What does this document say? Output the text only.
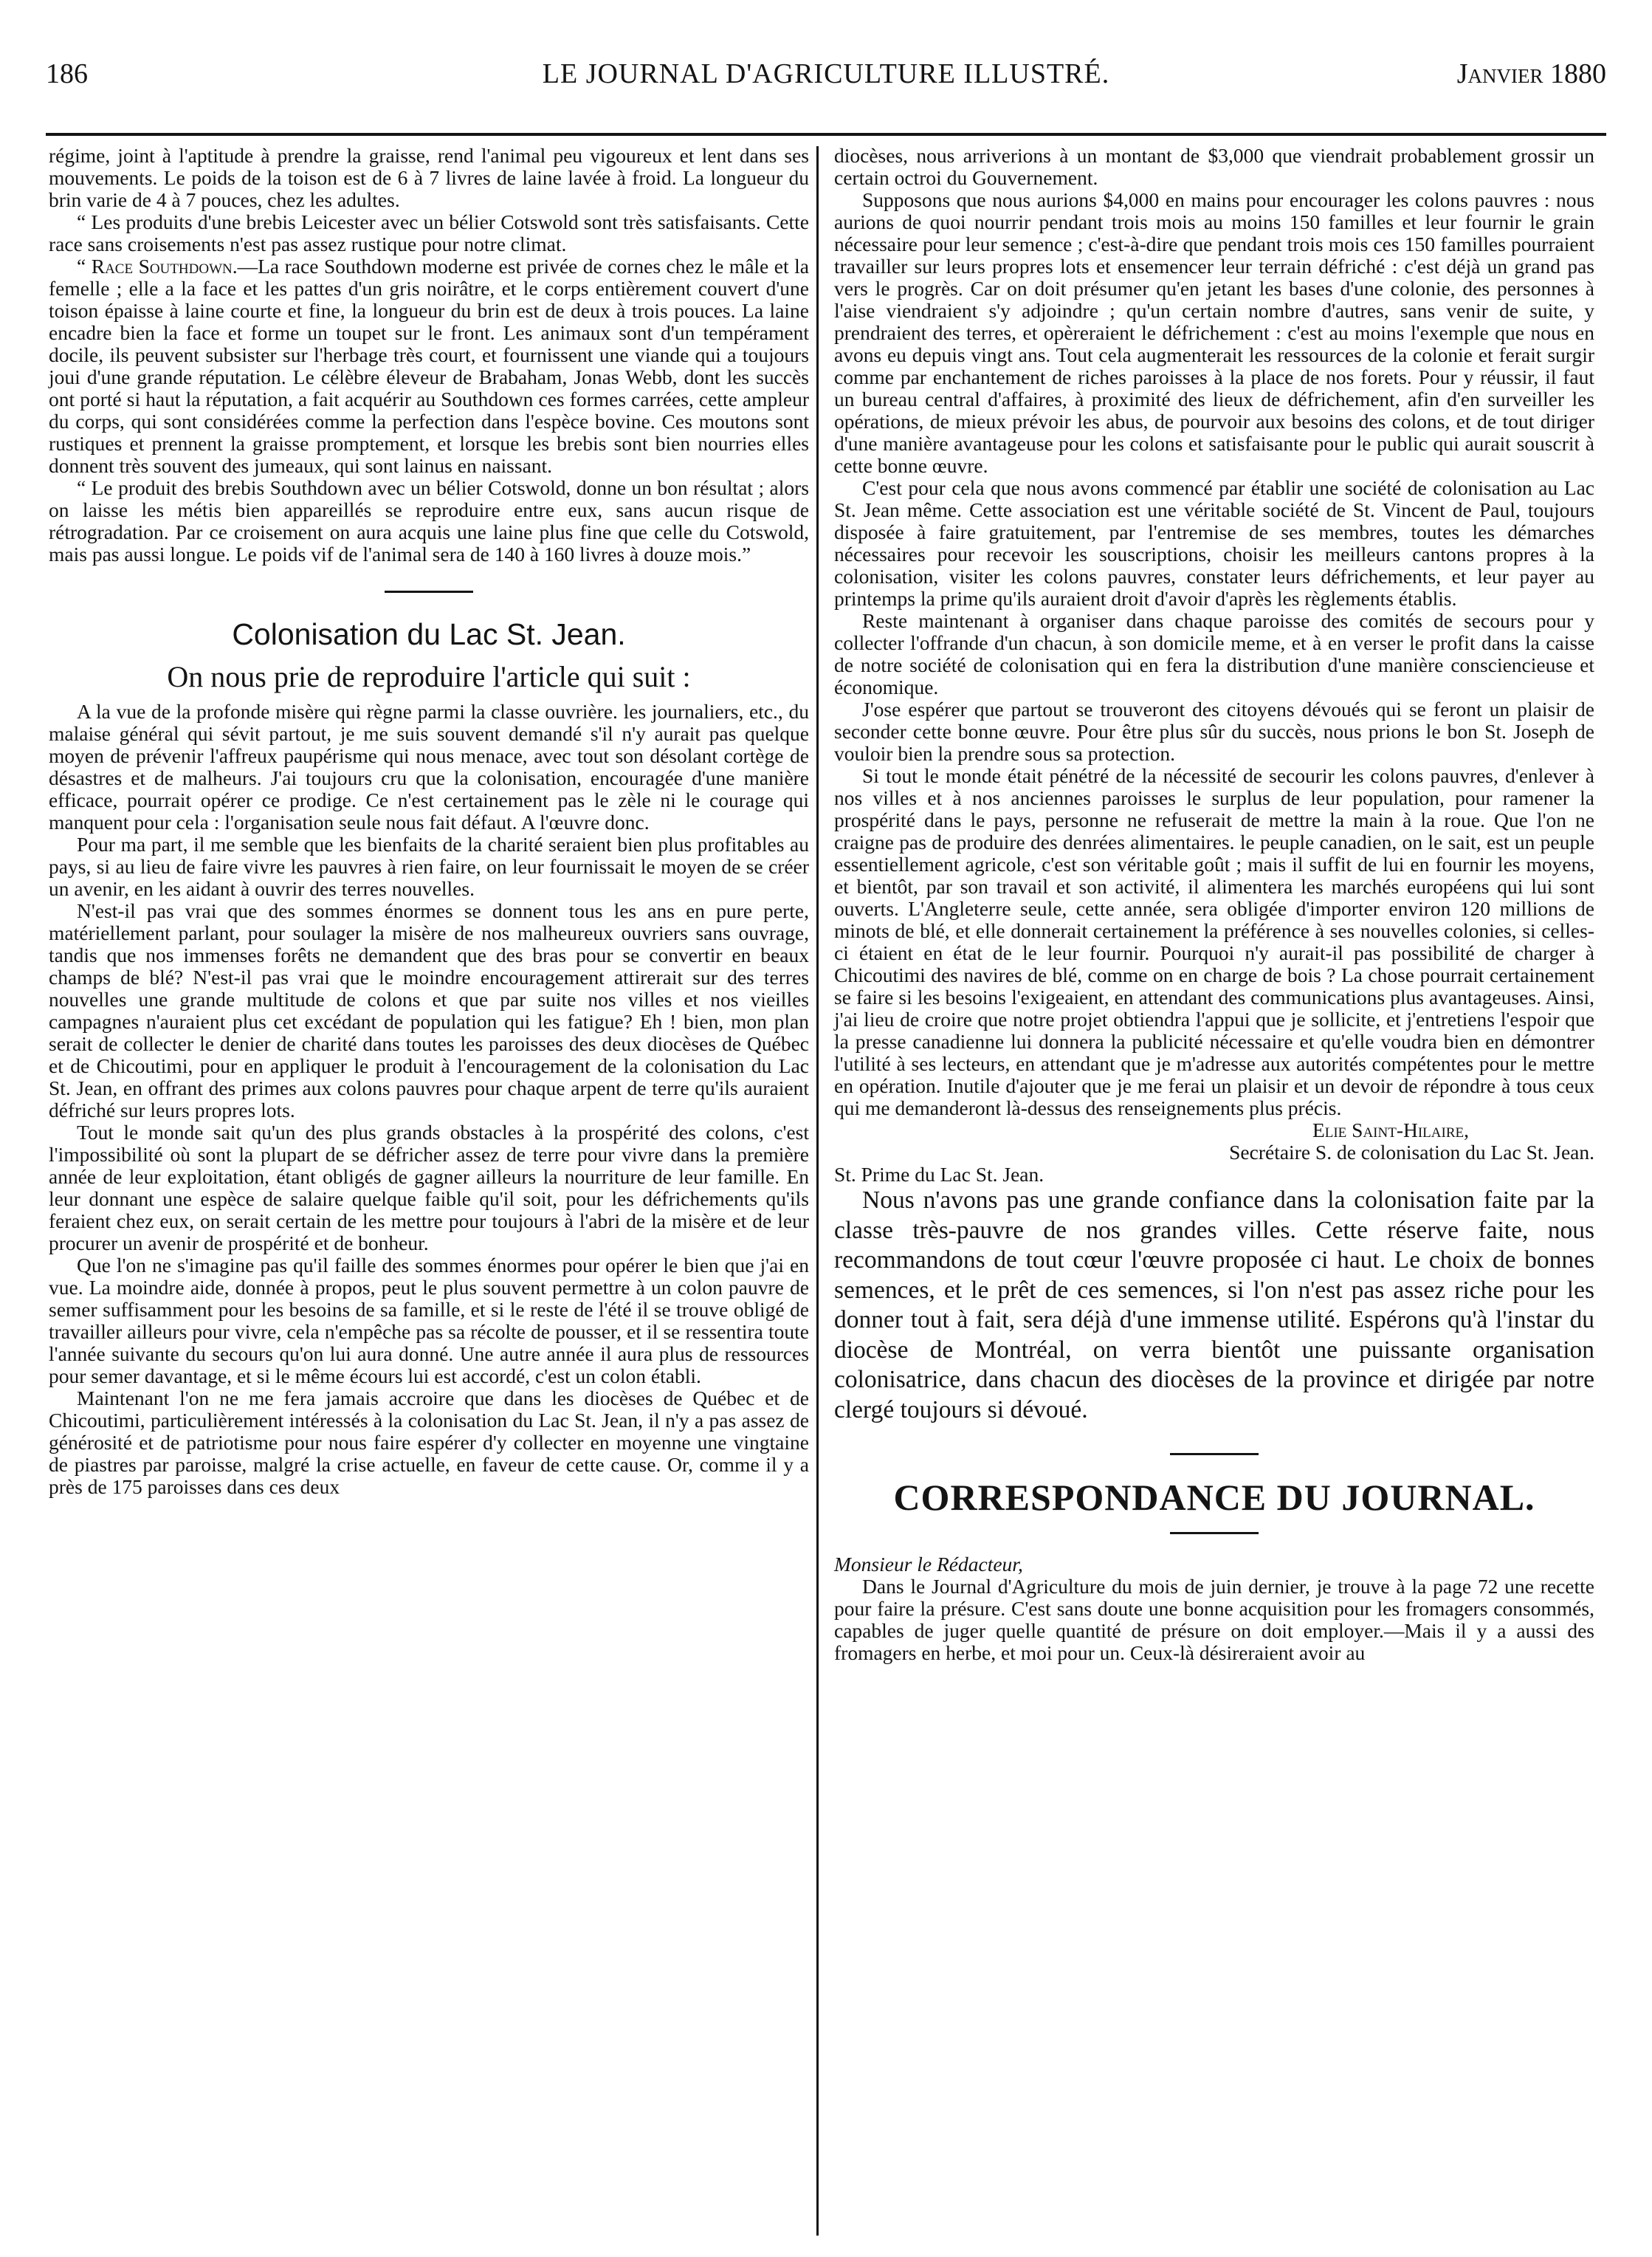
186	LE JOURNAL D'AGRICULTURE ILLUSTRÉ.	Janvier 1880

régime, joint à l'aptitude à prendre la graisse, rend l'animal peu vigoureux et lent dans ses mouvements. Le poids de la toison est de 6 à 7 livres de laine lavée à froid. La longueur du brin varie de 4 à 7 pouces, chez les adultes.

“ Les produits d'une brebis Leicester avec un bélier Cotswold sont très satisfaisants. Cette race sans croisements n'est pas assez rustique pour notre climat.

“ Race Southdown.—La race Southdown moderne est privée de cornes chez le mâle et la femelle ; elle a la face et les pattes d'un gris noirâtre, et le corps entièrement couvert d'une toison épaisse à laine courte et fine, la longueur du brin est de deux à trois pouces. La laine encadre bien la face et forme un toupet sur le front. Les animaux sont d'un tempérament docile, ils peuvent subsister sur l'herbage très court, et fournissent une viande qui a toujours joui d'une grande réputation. Le célèbre éleveur de Brabaham, Jonas Webb, dont les succès ont porté si haut la réputation, a fait acquérir au Southdown ces formes carrées, cette ampleur du corps, qui sont considérées comme la perfection dans l'espèce bovine. Ces moutons sont rustiques et prennent la graisse promptement, et lorsque les brebis sont bien nourries elles donnent très souvent des jumeaux, qui sont lainus en naissant.

“ Le produit des brebis Southdown avec un bélier Cotswold, donne un bon résultat ; alors on laisse les métis bien appareillés se reproduire entre eux, sans aucun risque de rétrogradation. Par ce croisement on aura acquis une laine plus fine que celle du Cotswold, mais pas aussi longue. Le poids vif de l'animal sera de 140 à 160 livres à douze mois.”

Colonisation du Lac St. Jean.

On nous prie de reproduire l'article qui suit :

A la vue de la profonde misère qui règne parmi la classe ouvrière. les journaliers, etc., du malaise général qui sévit partout, je me suis souvent demandé s'il n'y aurait pas quelque moyen de prévenir l'affreux paupérisme qui nous menace, avec tout son désolant cortège de désastres et de malheurs. J'ai toujours cru que la colonisation, encouragée d'une manière efficace, pourrait opérer ce prodige. Ce n'est certainement pas le zèle ni le courage qui manquent pour cela : l'organisation seule nous fait défaut. A l'œuvre donc.

Pour ma part, il me semble que les bienfaits de la charité seraient bien plus profitables au pays, si au lieu de faire vivre les pauvres à rien faire, on leur fournissait le moyen de se créer un avenir, en les aidant à ouvrir des terres nouvelles.

N'est-il pas vrai que des sommes énormes se donnent tous les ans en pure perte, matériellement parlant, pour soulager la misère de nos malheureux ouvriers sans ouvrage, tandis que nos immenses forêts ne demandent que des bras pour se convertir en beaux champs de blé? N'est-il pas vrai que le moindre encouragement attirerait sur des terres nouvelles une grande multitude de colons et que par suite nos villes et nos vieilles campagnes n'auraient plus cet excédant de population qui les fatigue? Eh ! bien, mon plan serait de collecter le denier de charité dans toutes les paroisses des deux diocèses de Québec et de Chicoutimi, pour en appliquer le produit à l'encouragement de la colonisation du Lac St. Jean, en offrant des primes aux colons pauvres pour chaque arpent de terre qu'ils auraient défriché sur leurs propres lots.

Tout le monde sait qu'un des plus grands obstacles à la prospérité des colons, c'est l'impossibilité où sont la plupart de se défricher assez de terre pour vivre dans la première année de leur exploitation, étant obligés de gagner ailleurs la nourriture de leur famille. En leur donnant une espèce de salaire quelque faible qu'il soit, pour les défrichements qu'ils feraient chez eux, on serait certain de les mettre pour toujours à l'abri de la misère et de leur procurer un avenir de prospérité et de bonheur.

Que l'on ne s'imagine pas qu'il faille des sommes énormes pour opérer le bien que j'ai en vue. La moindre aide, donnée à propos, peut le plus souvent permettre à un colon pauvre de semer suffisamment pour les besoins de sa famille, et si le reste de l'été il se trouve obligé de travailler ailleurs pour vivre, cela n'empêche pas sa récolte de pousser, et il se ressentira toute l'année suivante du secours qu'on lui aura donné. Une autre année il aura plus de ressources pour semer davantage, et si le même écours lui est accordé, c'est un colon établi.

Maintenant l'on ne me fera jamais accroire que dans les diocèses de Québec et de Chicoutimi, particulièrement intéressés à la colonisation du Lac St. Jean, il n'y a pas assez de générosité et de patriotisme pour nous faire espérer d'y collecter en moyenne une vingtaine de piastres par paroisse, malgré la crise actuelle, en faveur de cette cause. Or, comme il y a près de 175 paroisses dans ces deux

diocèses, nous arriverions à un montant de $3,000 que viendrait probablement grossir un certain octroi du Gouvernement.

Supposons que nous aurions $4,000 en mains pour encourager les colons pauvres : nous aurions de quoi nourrir pendant trois mois au moins 150 familles et leur fournir le grain nécessaire pour leur semence ; c'est-à-dire que pendant trois mois ces 150 familles pourraient travailler sur leurs propres lots et ensemencer leur terrain défriché : c'est déjà un grand pas vers le progrès. Car on doit présumer qu'en jetant les bases d'une colonie, des personnes à l'aise viendraient s'y adjoindre ; qu'un certain nombre d'autres, sans venir de suite, y prendraient des terres, et opèreraient le défrichement : c'est au moins l'exemple que nous en avons eu depuis vingt ans. Tout cela augmenterait les ressources de la colonie et ferait surgir comme par enchantement de riches paroisses à la place de nos forets. Pour y réussir, il faut un bureau central d'affaires, à proximité des lieux de défrichement, afin d'en surveiller les opérations, de mieux prévoir les abus, de pourvoir aux besoins des colons, et de tout diriger d'une manière avantageuse pour les colons et satisfaisante pour le public qui aurait souscrit à cette bonne œuvre.

C'est pour cela que nous avons commencé par établir une société de colonisation au Lac St. Jean même. Cette association est une véritable société de St. Vincent de Paul, toujours disposée à faire gratuitement, par l'entremise de ses membres, toutes les démarches nécessaires pour recevoir les souscriptions, choisir les meilleurs cantons propres à la colonisation, visiter les colons pauvres, constater leurs défrichements, et leur payer au printemps la prime qu'ils auraient droit d'avoir d'après les règlements établis.

Reste maintenant à organiser dans chaque paroisse des comités de secours pour y collecter l'offrande d'un chacun, à son domicile meme, et à en verser le profit dans la caisse de notre société de colonisation qui en fera la distribution d'une manière consciencieuse et économique.

J'ose espérer que partout se trouveront des citoyens dévoués qui se feront un plaisir de seconder cette bonne œuvre. Pour être plus sûr du succès, nous prions le bon St. Joseph de vouloir bien la prendre sous sa protection.

Si tout le monde était pénétré de la nécessité de secourir les colons pauvres, d'enlever à nos villes et à nos anciennes paroisses le surplus de leur population, pour ramener la prospérité dans le pays, personne ne refuserait de mettre la main à la roue. Que l'on ne craigne pas de produire des denrées alimentaires. le peuple canadien, on le sait, est un peuple essentiellement agricole, c'est son véritable goût ; mais il suffit de lui en fournir les moyens, et bientôt, par son travail et son activité, il alimentera les marchés européens qui lui sont ouverts. L'Angleterre seule, cette année, sera obligée d'importer environ 120 millions de minots de blé, et elle donnerait certainement la préférence à ses nouvelles colonies, si celles-ci étaient en état de le leur fournir. Pourquoi n'y aurait-il pas possibilité de charger à Chicoutimi des navires de blé, comme on en charge de bois ? La chose pourrait certainement se faire si les besoins l'exigeaient, en attendant des communications plus avantageuses. Ainsi, j'ai lieu de croire que notre projet obtiendra l'appui que je sollicite, et j'entretiens l'espoir que la presse canadienne lui donnera la publicité nécessaire et qu'elle voudra bien en démontrer l'utilité à ses lecteurs, en attendant que je m'adresse aux autorités compétentes pour le mettre en opération. Inutile d'ajouter que je me ferai un plaisir et un devoir de répondre à tous ceux qui me demanderont là-dessus des renseignements plus précis.

Elie Saint-Hilaire,

Secrétaire S. de colonisation du Lac St. Jean.

St. Prime du Lac St. Jean.

Nous n'avons pas une grande confiance dans la colonisation faite par la classe très-pauvre de nos grandes villes. Cette réserve faite, nous recommandons de tout cœur l'œuvre proposée ci haut. Le choix de bonnes semences, et le prêt de ces semences, si l'on n'est pas assez riche pour les donner tout à fait, sera déjà d'une immense utilité. Espérons qu'à l'instar du diocèse de Montréal, on verra bientôt une puissante organisation colonisatrice, dans chacun des diocèses de la province et dirigée par notre clergé toujours si dévoué.

CORRESPONDANCE DU JOURNAL.

Monsieur le Rédacteur,

Dans le Journal d'Agriculture du mois de juin dernier, je trouve à la page 72 une recette pour faire la présure. C'est sans doute une bonne acquisition pour les fromagers consommés, capables de juger quelle quantité de présure on doit employer.—Mais il y a aussi des fromagers en herbe, et moi pour un. Ceux-là désireraient avoir au
